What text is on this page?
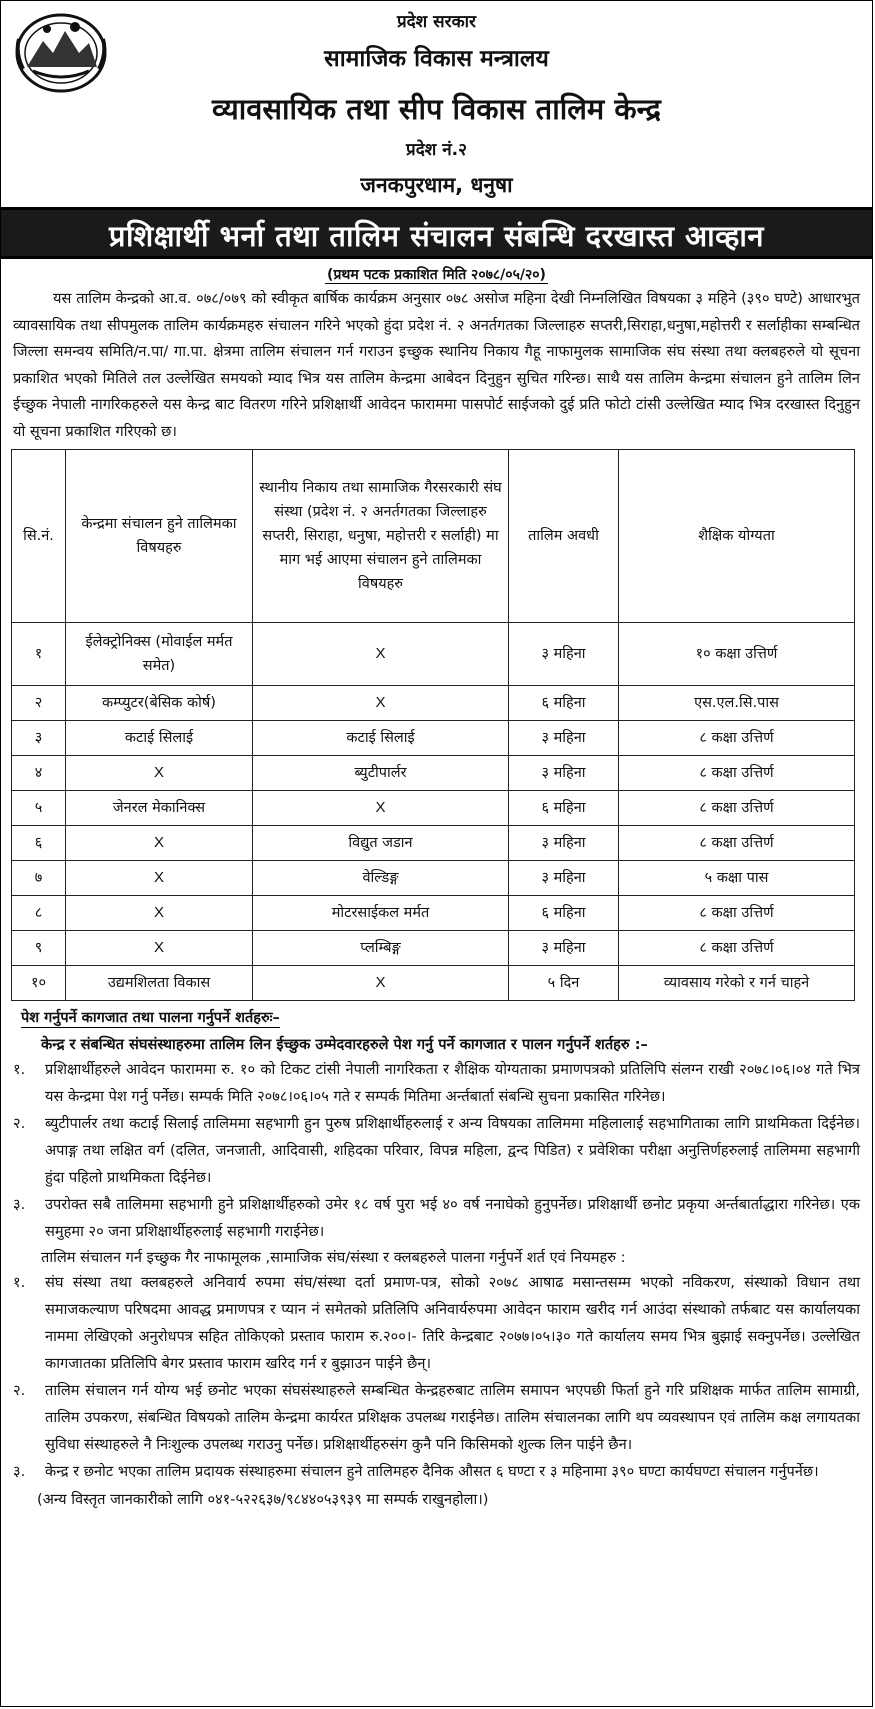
प्रदेश सरकार
सामाजिक विकास मन्त्रालय
व्यावसायिक तथा सीप विकास तालिम केन्द्र
प्रदेश नं.२
जनकपुरधाम, धनुषा
प्रशिक्षार्थी भर्ना तथा तालिम संचालन संबन्धि दरखास्त आव्हान
(प्रथम पटक प्रकाशित मिति २०७८/०५/२०)

यस तालिम केन्द्रको आ.व. ०७८/०७९ को स्वीकृत बार्षिक कार्यक्रम अनुसार ०७८ असोज महिना देखी निम्नलिखित विषयका ३ महिने (३९० घण्टे) आधारभुत व्यावसायिक तथा सीपमुलक तालिम कार्यक्रमहरु संचालन गरिने भएको हुंदा प्रदेश नं. २ अनर्तगतका जिल्लाहरु सप्तरी,सिराहा,धनुषा,महोत्तरी र सर्लाहीका सम्बन्धित जिल्ला समन्वय समिति/न.पा/ गा.पा. क्षेत्रमा तालिम संचालन गर्न गराउन इच्छुक स्थानिय निकाय गैहू नाफामुलक सामाजिक संघ संस्था तथा क्लबहरुले यो सूचना प्रकाशित भएको मितिले तल उल्लेखित समयको म्याद भित्र यस तालिम केन्द्रमा आबेदन दिनुहुन सुचित गरिन्छ। साथै यस तालिम केन्द्रमा संचालन हुने तालिम लिन ईच्छुक नेपाली नागरिकहरुले यस केन्द्र बाट वितरण गरिने प्रशिक्षार्थी आवेदन फाराममा पासपोर्ट साईजको दुई प्रति फोटो टांसी उल्लेखित म्याद भित्र दरखास्त दिनुहुन यो सूचना प्रकाशित गरिएको छ।

सि.नं.	केन्द्रमा संचालन हुने तालिमका विषयहरु	स्थानीय निकाय तथा सामाजिक गैरसरकारी संघ संस्था (प्रदेश नं. २ अनर्तगतका जिल्लाहरु सप्तरी, सिराहा, धनुषा, महोत्तरी र सर्लाही) मा माग भई आएमा संचालन हुने तालिमका विषयहरु	तालिम अवधी	शैक्षिक योग्यता
१	ईलेक्ट्रोनिक्स (मोवाईल मर्मत समेत)	X	३ महिना	१० कक्षा उत्तिर्ण
२	कम्प्युटर(बेसिक कोर्ष)	X	६ महिना	एस.एल.सि.पास
३	कटाई सिलाई	कटाई सिलाई	३ महिना	८ कक्षा उत्तिर्ण
४	X	ब्युटीपार्लर	३ महिना	८ कक्षा उत्तिर्ण
५	जेनरल मेकानिक्स	X	६ महिना	८ कक्षा उत्तिर्ण
६	X	विद्युत जडान	३ महिना	८ कक्षा उत्तिर्ण
७	X	वेल्डिङ्ग	३ महिना	५ कक्षा पास
८	X	मोटरसाईकल मर्मत	६ महिना	८ कक्षा उत्तिर्ण
९	X	प्लम्बिङ्ग	३ महिना	८ कक्षा उत्तिर्ण
१०	उद्यमशिलता विकास	X	५ दिन	व्यावसाय गरेको र गर्न चाहने
पेश गर्नुपर्ने कागजात तथा पालना गर्नुपर्ने शर्तहरुः–
केन्द्र र संबन्धित संघसंस्थाहरुमा तालिम लिन ईच्छुक उम्मेदवारहरुले पेश गर्नु पर्ने कागजात र पालन गर्नुपर्ने शर्तहरु :–
१. प्रशिक्षार्थीहरुले आवेदन फाराममा रु. १० को टिकट टांसी नेपाली नागरिकता र शैक्षिक योग्यताका प्रमाणपत्रको प्रतिलिपि संलग्न राखी २०७८।०६।०४ गते भित्र यस केन्द्रमा पेश गर्नु पर्नेछ। सम्पर्क मिति २०७८।०६।०५ गते र सम्पर्क मितिमा अर्न्तबार्ता संबन्धि सुचना प्रकासित गरिनेछ।
२. ब्युटीपार्लर तथा कटाई सिलाई तालिममा सहभागी हुन पुरुष प्रशिक्षार्थीहरुलाई र अन्य विषयका तालिममा महिलालाई सहभागिताका लागि प्राथमिकता दिईनेछ। अपाङ्ग तथा लक्षित वर्ग (दलित, जनजाती, आदिवासी, शहिदका परिवार, विपन्न महिला, द्वन्द पिडित) र प्रवेशिका परीक्षा अनुत्तिर्णहरुलाई तालिममा सहभागी हुंदा पहिलो प्राथमिकता दिईनेछ।
३. उपरोक्त सबै तालिममा सहभागी हुने प्रशिक्षार्थीहरुको उमेर १८ वर्ष पुरा भई ४० वर्ष ननाघेको हुनुपर्नेछ। प्रशिक्षार्थी छनोट प्रकृया अर्न्तबार्ताद्धारा गरिनेछ। एक समुहमा २० जना प्रशिक्षार्थीहरुलाई सहभागी गराईनेछ।
तालिम संचालन गर्न इच्छुक गैर नाफामूलक ,सामाजिक संघ/संस्था र क्लबहरुले पालना गर्नुपर्ने शर्त एवं नियमहरु :
१. संघ संस्था तथा क्लबहरुले अनिवार्य रुपमा संघ/संस्था दर्ता प्रमाण-पत्र, सोको २०७८ आषाढ मसान्तसम्म भएको नविकरण, संस्थाको विधान तथा समाजकल्याण परिषदमा आवद्ध प्रमाणपत्र र प्यान नं समेतको प्रतिलिपि अनिवार्यरुपमा आवेदन फाराम खरीद गर्न आउंदा संस्थाको तर्फबाट यस कार्यालयका नाममा लेखिएको अनुरोधपत्र सहित तोकिएको प्रस्ताव फाराम रु.२००।- तिरि केन्द्रबाट २०७७।०५।३० गते कार्यालय समय भित्र बुझाई सक्नुपर्नेछ। उल्लेखित कागजातका प्रतिलिपि बेगर प्रस्ताव फाराम खरिद गर्न र बुझाउन पाईने छैन्।
२. तालिम संचालन गर्न योग्य भई छनोट भएका संघसंस्थाहरुले सम्बन्धित केन्द्रहरुबाट तालिम समापन भएपछी फिर्ता हुने गरि प्रशिक्षक मार्फत तालिम सामाग्री, तालिम उपकरण, संबन्धित विषयको तालिम केन्द्रमा कार्यरत प्रशिक्षक उपलब्ध गराईनेछ। तालिम संचालनका लागि थप व्यवस्थापन एवं तालिम कक्ष लगायतका सुविधा संस्थाहरुले नै निःशुल्क उपलब्ध गराउनु पर्नेछ। प्रशिक्षार्थीहरुसंग कुनै पनि किसिमको शुल्क लिन पाईने छैन।
३. केन्द्र र छनोट भएका तालिम प्रदायक संस्थाहरुमा संचालन हुने तालिमहरु दैनिक औसत ६ घण्टा र ३ महिनामा ३९० घण्टा कार्यघण्टा संचालन गर्नुपर्नेछ।
(अन्य विस्तृत जानकारीको लागि ०४१-५२२६३७/९८४४०५३९३९ मा सम्पर्क राखुनहोला।)
